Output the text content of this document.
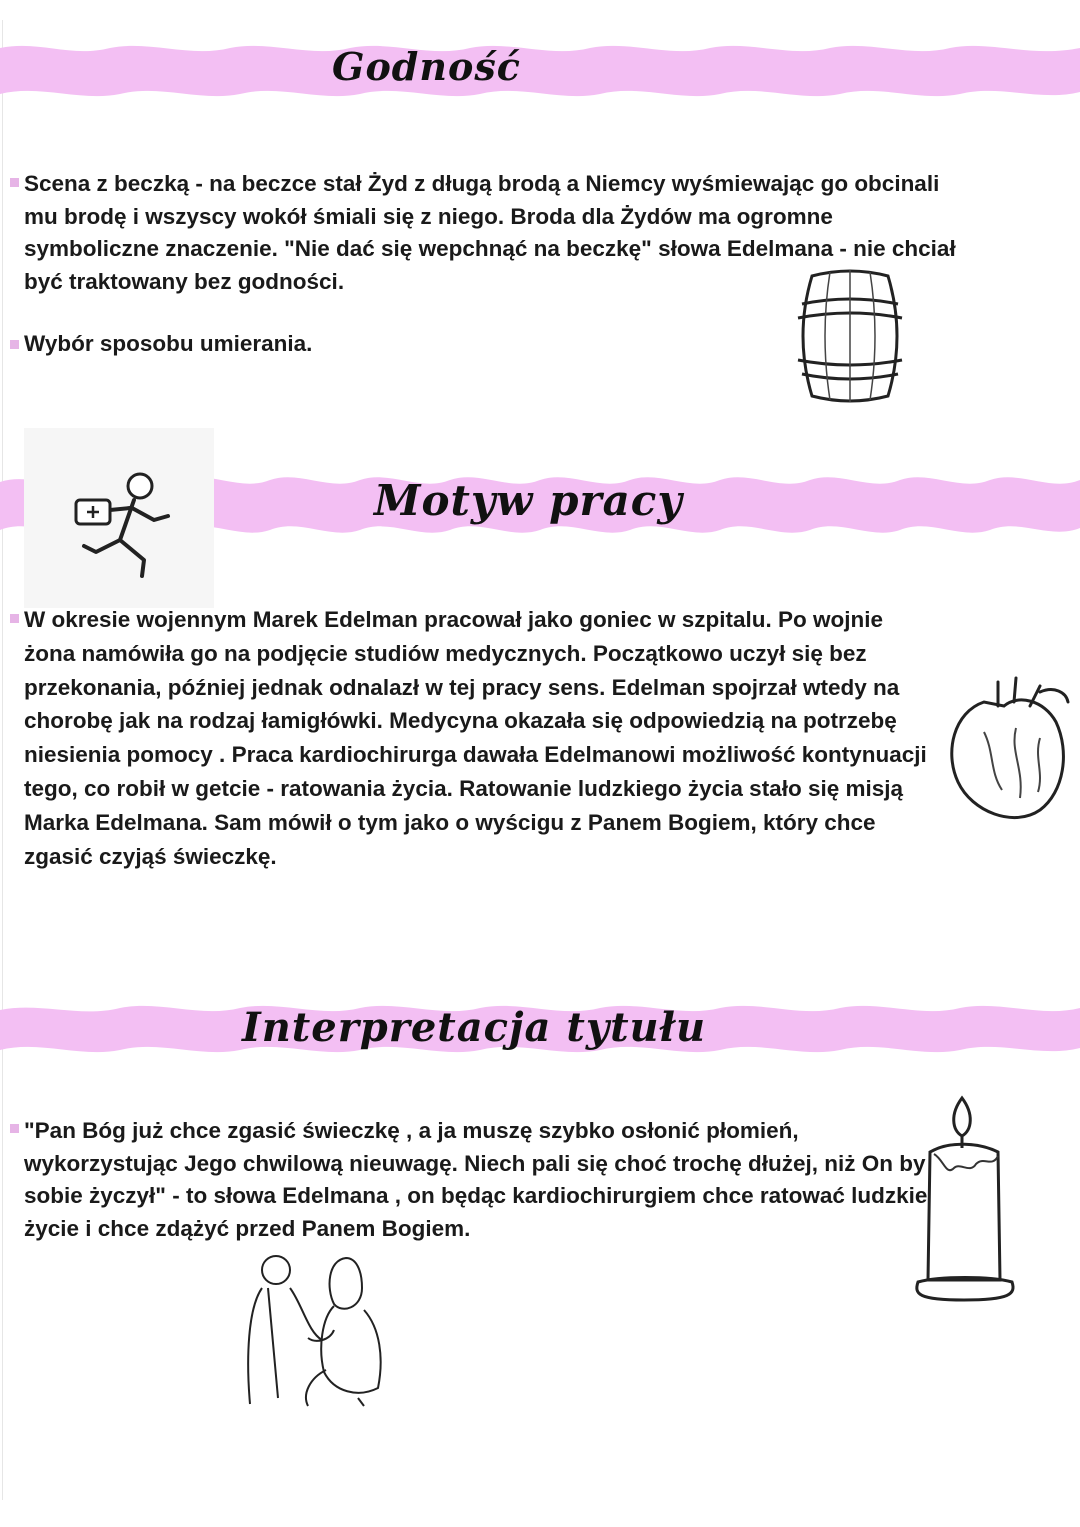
Godność

Scena z beczką - na beczce stał Żyd z długą brodą a Niemcy wyśmiewając go obcinali mu brodę i wszyscy wokół śmiali się z niego. Broda dla Żydów ma ogromne symboliczne znaczenie. "Nie dać się wepchnąć na beczkę" słowa Edelmana - nie chciał być traktowany bez godności.

Wybór sposobu umierania.

Motyw pracy

W okresie wojennym Marek Edelman pracował jako goniec w szpitalu. Po wojnie żona namówiła go na podjęcie studiów medycznych. Początkowo uczył się bez przekonania, później jednak odnalazł w tej pracy sens. Edelman spojrzał wtedy na chorobę jak na rodzaj łamigłówki. Medycyna okazała się odpowiedzią na potrzebę niesienia pomocy . Praca kardiochirurga dawała Edelmanowi możliwość kontynuacji tego, co robił w getcie - ratowania życia. Ratowanie ludzkiego życia stało się misją Marka Edelmana. Sam mówił o tym jako o wyścigu z Panem Bogiem, który chce zgasić czyjąś świeczkę.

Interpretacja tytułu

"Pan Bóg już chce zgasić świeczkę , a ja muszę szybko osłonić płomień, wykorzystując Jego chwilową nieuwagę. Niech pali się choć trochę dłużej, niż On by sobie życzył" - to słowa Edelmana , on będąc kardiochirurgiem chce ratować ludzkie życie i chce zdążyć przed Panem Bogiem.
